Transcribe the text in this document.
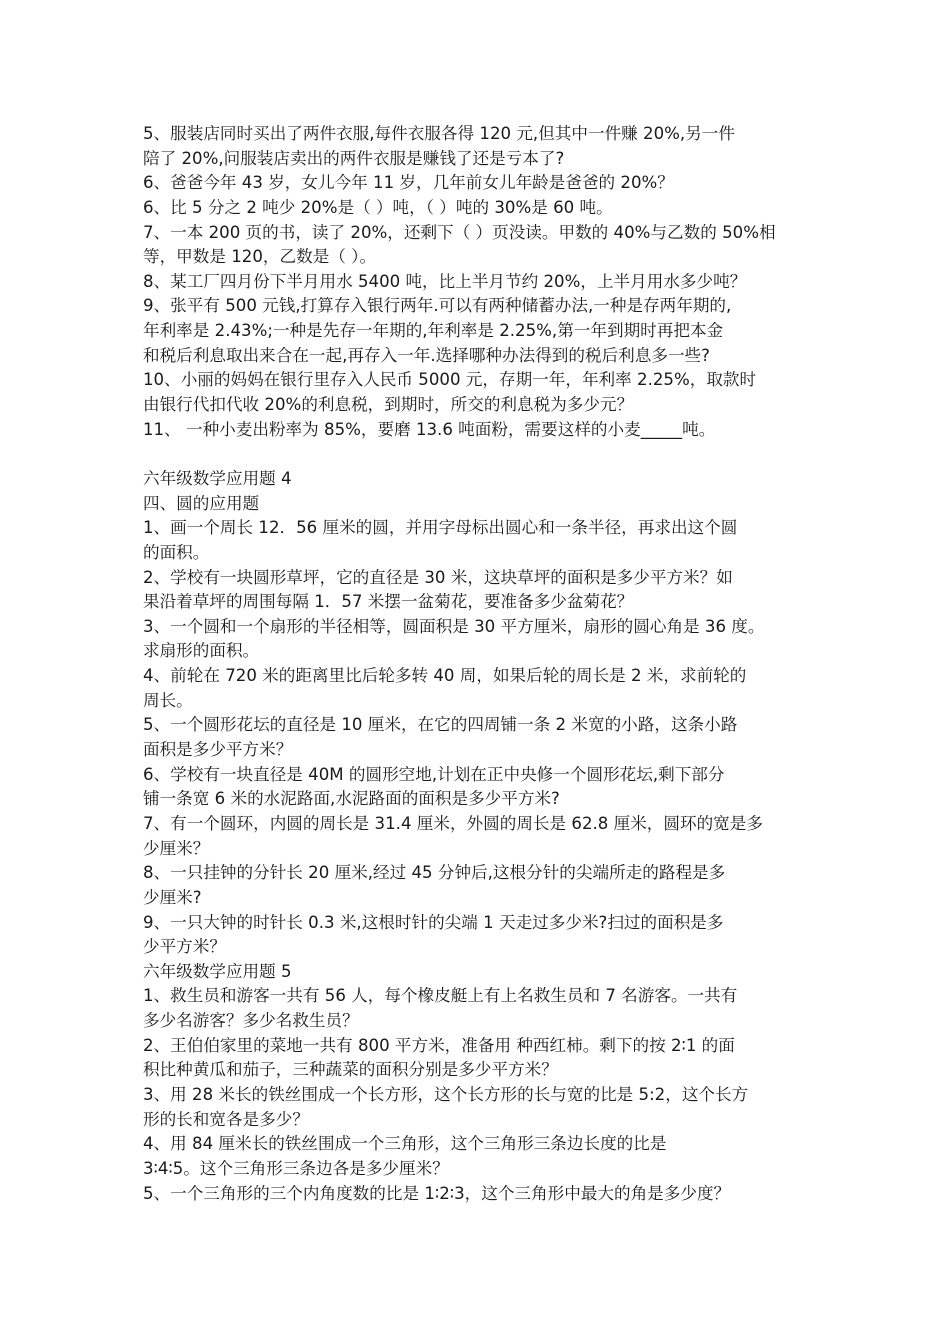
5、服装店同时买出了两件衣服,每件衣服各得 120 元,但其中一件赚 20%,另一件
陪了 20%,问服装店卖出的两件衣服是赚钱了还是亏本了?
6、爸爸今年 43 岁，女儿今年 11 岁，几年前女儿年龄是爸爸的 20%？
6、比 5 分之 2 吨少 20%是（ ）吨，（ ）吨的 30%是 60 吨。
7、一本 200 页的书，读了 20%，还剩下（ ）页没读。甲数的 40%与乙数的 50%相
等，甲数是 120，乙数是（ ）。
8、某工厂四月份下半月用水 5400 吨，比上半月节约 20%，上半月用水多少吨？
9、张平有 500 元钱,打算存入银行两年.可以有两种储蓄办法,一种是存两年期的,
年利率是 2.43%;一种是先存一年期的,年利率是 2.25%,第一年到期时再把本金
和税后利息取出来合在一起,再存入一年.选择哪种办法得到的税后利息多一些?
10、小丽的妈妈在银行里存入人民币 5000 元，存期一年，年利率 2.25%，取款时
由银行代扣代收 20%的利息税，到期时，所交的利息税为多少元？
11、 一种小麦出粉率为 85%，要磨 13.6 吨面粉，需要这样的小麦_____吨。
六年级数学应用题 4
四、圆的应用题
1、画一个周长 12．56 厘米的圆，并用字母标出圆心和一条半径，再求出这个圆
的面积。
2、学校有一块圆形草坪，它的直径是 30 米，这块草坪的面积是多少平方米？如
果沿着草坪的周围每隔 1．57 米摆一盆菊花，要准备多少盆菊花？
3、一个圆和一个扇形的半径相等，圆面积是 30 平方厘米，扇形的圆心角是 36 度。
求扇形的面积。
4、前轮在 720 米的距离里比后轮多转 40 周，如果后轮的周长是 2 米，求前轮的
周长。
5、一个圆形花坛的直径是 10 厘米，在它的四周铺一条 2 米宽的小路，这条小路
面积是多少平方米？
6、学校有一块直径是 40M 的圆形空地,计划在正中央修一个圆形花坛,剩下部分
铺一条宽 6 米的水泥路面,水泥路面的面积是多少平方米?
7、有一个圆环，内圆的周长是 31.4 厘米，外圆的周长是 62.8 厘米，圆环的宽是多
少厘米？
8、一只挂钟的分针长 20 厘米,经过 45 分钟后,这根分针的尖端所走的路程是多
少厘米?
9、一只大钟的时针长 0.3 米,这根时针的尖端 1 天走过多少米?扫过的面积是多
少平方米？
六年级数学应用题 5
1、救生员和游客一共有 56 人，每个橡皮艇上有上名救生员和 7 名游客。一共有
多少名游客？多少名救生员？
2、王伯伯家里的菜地一共有 800 平方米，准备用 种西红柿。剩下的按 2∶1 的面
积比种黄瓜和茄子，三种蔬菜的面积分别是多少平方米？
3、用 28 米长的铁丝围成一个长方形，这个长方形的长与宽的比是 5:2，这个长方
形的长和宽各是多少？
4、用 84 厘米长的铁丝围成一个三角形，这个三角形三条边长度的比是
3∶4∶5。这个三角形三条边各是多少厘米？
5、一个三角形的三个内角度数的比是 1∶2∶3，这个三角形中最大的角是多少度？
